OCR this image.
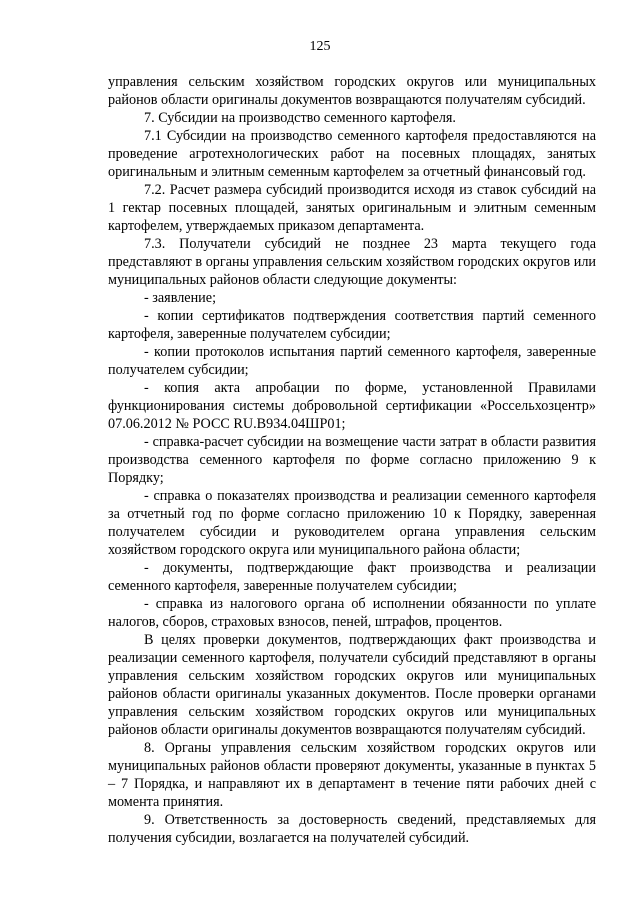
125

управления сельским хозяйством городских округов или муниципальных районов области оригиналы документов возвращаются получателям субсидий.

7. Субсидии на производство семенного картофеля.

7.1 Субсидии на производство семенного картофеля предоставляются на проведение агротехнологических работ на посевных площадях, занятых оригинальным и элитным семенным картофелем за отчетный финансовый год.

7.2. Расчет размера субсидий производится исходя из ставок субсидий на 1 гектар посевных площадей, занятых оригинальным и элитным семенным картофелем, утверждаемых приказом департамента.

7.3. Получатели субсидий не позднее 23 марта текущего года представляют в органы управления сельским хозяйством городских округов или муниципальных районов области следующие документы:

- заявление;

- копии сертификатов подтверждения соответствия партий семенного картофеля, заверенные получателем субсидии;

- копии протоколов испытания партий семенного картофеля, заверенные получателем субсидии;

- копия акта апробации по форме, установленной Правилами функционирования системы добровольной сертификации «Россельхозцентр» 07.06.2012 № РОСС RU.B934.04ШР01;

- справка-расчет субсидии на возмещение части затрат в области развития производства семенного картофеля по форме согласно приложению 9 к Порядку;

- справка о показателях производства и реализации семенного картофеля за отчетный год по форме согласно приложению 10 к Порядку, заверенная получателем субсидии и руководителем органа управления сельским хозяйством городского округа или муниципального района области;

- документы, подтверждающие факт производства и реализации семенного картофеля, заверенные получателем субсидии;

- справка из налогового органа об исполнении обязанности по уплате налогов, сборов, страховых взносов, пеней, штрафов, процентов.

В целях проверки документов, подтверждающих факт производства и реализации семенного картофеля, получатели субсидий представляют в органы управления сельским хозяйством городских округов или муниципальных районов области оригиналы указанных документов. После проверки органами управления сельским хозяйством городских округов или муниципальных районов области оригиналы документов возвращаются получателям субсидий.

8. Органы управления сельским хозяйством городских округов или муниципальных районов области проверяют документы, указанные в пунктах 5 – 7 Порядка, и направляют их в департамент в течение пяти рабочих дней с момента принятия.

9. Ответственность за достоверность сведений, представляемых для получения субсидии, возлагается на получателей субсидий.
